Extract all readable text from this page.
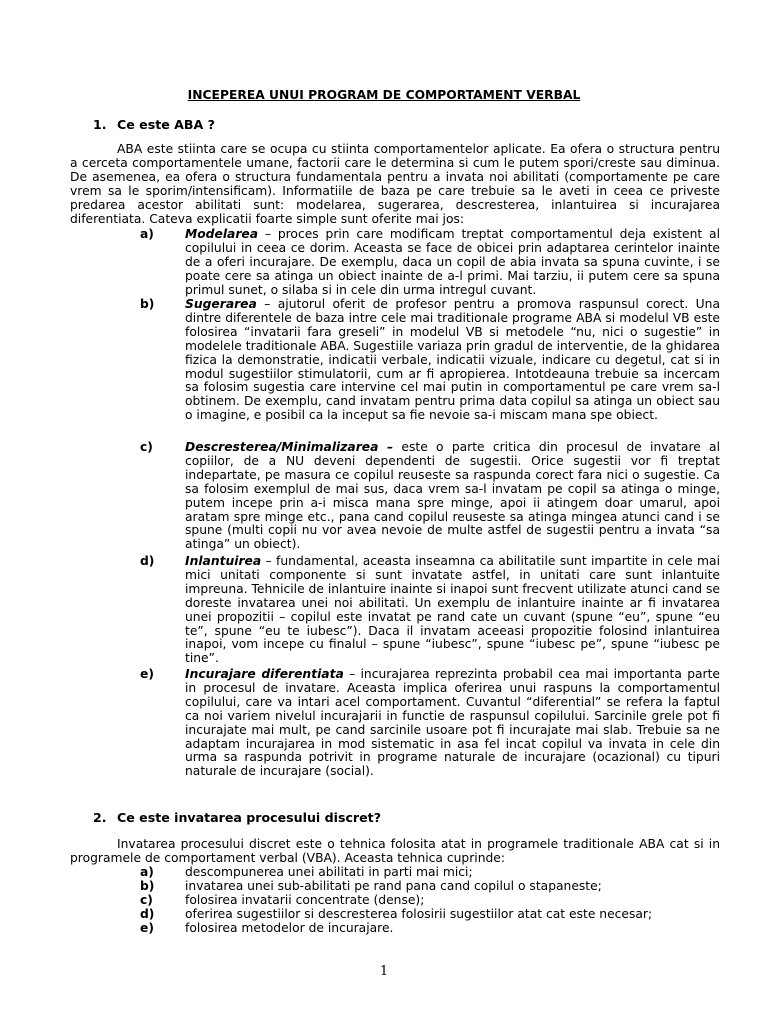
INCEPEREA UNUI PROGRAM DE COMPORTAMENT VERBAL
1. Ce este ABA ?

ABA este stiinta care se ocupa cu stiinta comportamentelor aplicate. Ea ofera o structura pentru a cerceta comportamentele umane, factorii care le determina si cum le putem spori/creste sau diminua. De asemenea, ea ofera o structura fundamentala pentru a invata noi abilitati (comportamente pe care vrem sa le sporim/intensificam). Informatiile de baza pe care trebuie sa le aveti in ceea ce priveste predarea acestor abilitati sunt: modelarea, sugerarea, descresterea, inlantuirea si incurajarea diferentiata. Cateva explicatii foarte simple sunt oferite mai jos:

a)	Modelarea – proces prin care modificam treptat comportamentul deja existent al copilului in ceea ce dorim. Aceasta se face de obicei prin adaptarea cerintelor inainte de a oferi incurajare. De exemplu, daca un copil de abia invata sa spuna cuvinte, i se poate cere sa atinga un obiect inainte de a-l primi. Mai tarziu, ii putem cere sa spuna primul sunet, o silaba si in cele din urma intregul cuvant.
b) Sugerarea – ajutorul oferit de profesor pentru a promova raspunsul corect. Una dintre diferentele de baza intre cele mai traditionale programe ABA si modelul VB este folosirea “invatarii fara greseli” in modelul VB si metodele “nu, nici o sugestie” in modelele traditionale ABA. Sugestiile variaza prin gradul de interventie, de la ghidarea fizica la demonstratie, indicatii verbale, indicatii vizuale, indicare cu degetul, cat si in modul sugestiilor stimulatorii, cum ar fi apropierea. Intotdeauna trebuie sa incercam sa folosim sugestia care intervine cel mai putin in comportamentul pe care vrem sa-l obtinem. De exemplu, cand invatam pentru prima data copilul sa atinga un obiect sau o imagine, e posibil ca la inceput sa fie nevoie sa-i miscam mana spe obiect.
c)	Descresterea/Minimalizarea – este o parte critica din procesul de invatare al copiilor, de a NU deveni dependenti de sugestii. Orice sugestii vor fi treptat indepartate, pe masura ce copilul reuseste sa raspunda corect fara nici o sugestie. Ca sa folosim exemplul de mai sus, daca vrem sa-l invatam pe copil sa atinga o minge, putem incepe prin a-i misca mana spre minge, apoi ii atingem doar umarul, apoi aratam spre minge etc., pana cand copilul reuseste sa atinga mingea atunci cand i se spune (multi copii nu vor avea nevoie de multe astfel de sugestii pentru a invata “sa atinga” un obiect).
d) Inlantuirea – fundamental, aceasta inseamna ca abilitatile sunt impartite in cele mai mici unitati componente si sunt invatate astfel, in unitati care sunt inlantuite impreuna. Tehnicile de inlantuire inainte si inapoi sunt frecvent utilizate atunci cand se doreste invatarea unei noi abilitati. Un exemplu de inlantuire inainte ar fi invatarea unei propozitii – copilul este invatat pe rand cate un cuvant (spune “eu”, spune “eu te”, spune “eu te iubesc”). Daca il invatam aceeasi propozitie folosind inlantuirea inapoi, vom incepe cu finalul – spune “iubesc”, spune “iubesc pe”, spune “iubesc pe tine”.
e)	Incurajare diferentiata – incurajarea reprezinta probabil cea mai importanta parte in procesul de invatare. Aceasta implica oferirea unui raspuns la comportamentul copilului, care va intari acel comportament. Cuvantul “diferential” se refera la faptul ca noi variem nivelul incurajarii in functie de raspunsul copilului. Sarcinile grele pot fi incurajate mai mult, pe cand sarcinile usoare pot fi incurajate mai slab. Trebuie sa ne adaptam incurajarea in mod sistematic in asa fel incat copilul va invata in cele din urma sa raspunda potrivit in programe naturale de incurajare (ocazional) cu tipuri naturale de incurajare (social).
2. Ce este invatarea procesului discret?

Invatarea procesului discret este o tehnica folosita atat in programele traditionale ABA cat si in programele de comportament verbal (VBA). Aceasta tehnica cuprinde:

a)	descompunerea unei abilitati in parti mai mici;
b) invatarea unei sub-abilitati pe rand pana cand copilul o stapaneste;
c)	folosirea invatarii concentrate (dense);
d) oferirea sugestiilor si descresterea folosirii sugestiilor atat cat este necesar;
e)	folosirea metodelor de incurajare.
1
